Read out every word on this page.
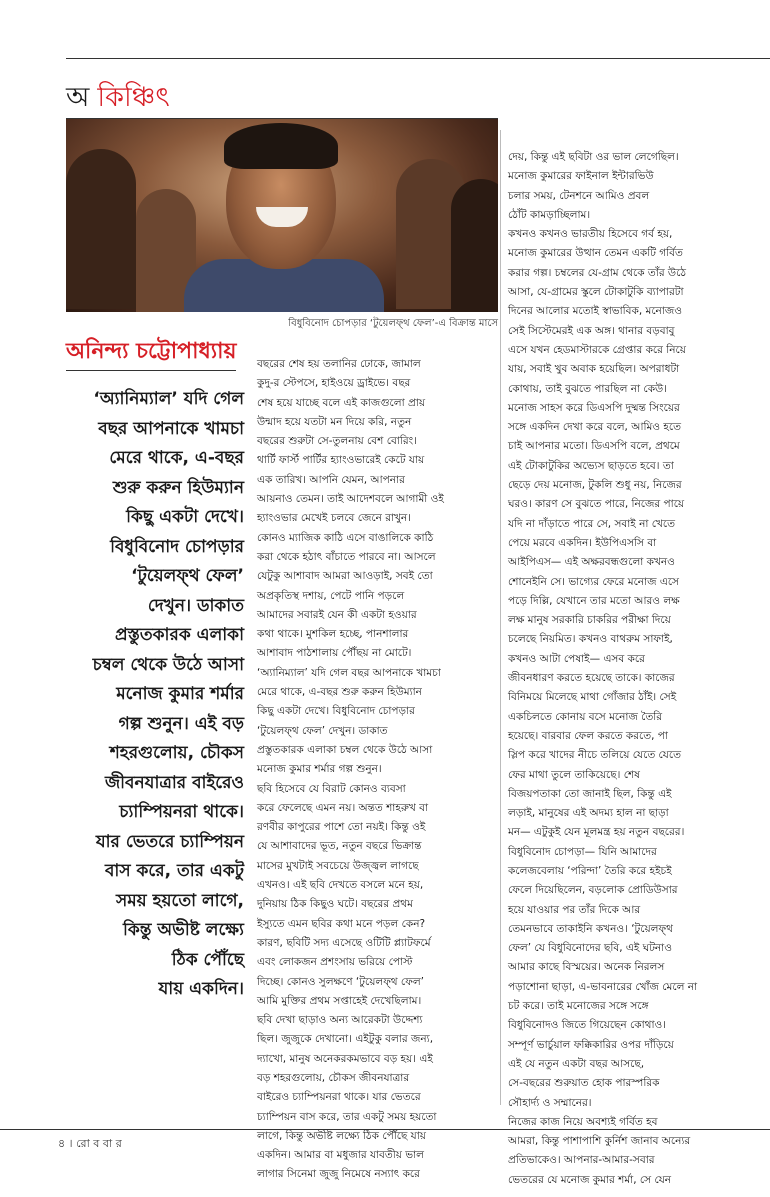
অ কিঞ্চিৎ
বিধুবিনোদ চোপড়ার ‘টুয়েলফ্থ ফেল’-এ বিক্রান্ত মাসে
অনিন্দ্য চট্টোপাধ্যায়
‘অ্যানিম্যাল’ যদি গেল
বছর আপনাকে খামচা
মেরে থাকে, এ-বছর
শুরু করুন হিউম্যান
কিছু একটা দেখে।
বিধুবিনোদ চোপড়ার
‘টুয়েলফ্থ ফেল’
দেখুন। ডাকাত
প্রস্তুতকারক এলাকা
চম্বল থেকে উঠে আসা
মনোজ কুমার শর্মার
গল্প শুনুন। এই বড়
শহরগুলোয়, চৌকস
জীবনযাত্রার বাইরেও
চ্যাম্পিয়নরা থাকে।
যার ভেতরে চ্যাম্পিয়ন
বাস করে, তার একটু
সময় হয়তো লাগে,
কিন্তু অভীষ্ট লক্ষ্যে
ঠিক পৌঁছে
যায় একদিন।
বছরের শেষ হয় তলানির ঢোকে, জামাল
কুদু-র স্টেপসে, হাইওয়ে ড্রাইভে। বছর
শেষ হয়ে যাচ্ছে বলে এই কাজগুলো প্রায়
উন্মাদ হয়ে যতটা মন দিয়ে করি, নতুন
বছরের শুরুটা সে-তুলনায় বেশ বোরিং।
থার্টি ফার্স্ট পার্টির হ্যাংওভারেই কেটে যায়
এক তারিখ। আপনি যেমন, আপনার
আয়নাও তেমন। তাই আদেশবলে আগামী ওই
হ্যাংওভার মেখেই চলবে জেনে রাখুন।
কোনও ম্যাজিক কাঠি এসে বাঙালিকে কাঠি
করা থেকে হঠাৎ বাঁচাতে পারবে না। আসলে
যেটুকু আশাবাদ আমরা আওড়াই, সবই তো
অপ্রকৃতিস্থ দশায়, পেটে পানি পড়লে
আমাদের সবারই যেন কী একটা হওয়ার
কথা থাকে। মুশকিল হচ্ছে, পানশালার
আশাবাদ পাঠশালায় পৌঁছয় না মোটে।
‘অ্যানিম্যাল’ যদি গেল বছর আপনাকে খামচা
মেরে থাকে, এ-বছর শুরু করুন হিউম্যান
কিছু একটা দেখে। বিধুবিনোদ চোপড়ার
‘টুয়েলফ্থ ফেল’ দেখুন। ডাকাত
প্রস্তুতকারক এলাকা চম্বল থেকে উঠে আসা
মনোজ কুমার শর্মার গল্প শুনুন।
ছবি হিসেবে যে বিরাট কোনও ব্যবসা
করে ফেলেছে এমন নয়। অন্তত শাহরুখ বা
রণবীর কাপুরের পাশে তো নয়ই। কিন্তু ওই
যে আশাবাদের ভূত, নতুন বছরে ভিক্রান্ত
মাসের মুখটাই সবচেয়ে উজ্জ্বল লাগছে
এখনও। এই ছবি দেখতে বসলে মনে হয়,
দুনিয়ায় ঠিক কিছুও ঘটে। বছরের প্রথম
ইস্যুতে এমন ছবির কথা মনে পড়ল কেন?
কারণ, ছবিটি সদ্য এসেছে ওটিটি প্ল্যাটফর্মে
এবং লোকজন প্রশংসায় ভরিয়ে পোস্ট
দিচ্ছে। কোনও সুলক্ষণে ‘টুয়েলফ্থ ফেল’
আমি মুক্তির প্রথম সপ্তাহেই দেখেছিলাম।
ছবি দেখা ছাড়াও অন্য আরেকটা উদ্দেশ্য
ছিল। জুজুকে দেখানো। এইটুকু বলার জন্য,
দ্যাখো, মানুষ অনেকরকমভাবে বড় হয়। এই
বড় শহরগুলোয়, চৌকস জীবনযাত্রার
বাইরেও চ্যাম্পিয়নরা থাকে। যার ভেতরে
চ্যাম্পিয়ন বাস করে, তার একটু সময় হয়তো
লাগে, কিন্তু অভীষ্ট লক্ষ্যে ঠিক পৌঁছে যায়
একদিন। আমার বা মধুজার যাবতীয় ভাল
লাগার সিনেমা জুজু নিমেষে নস্যাৎ করে
দেয়, কিন্তু এই ছবিটা ওর ভাল লেগেছিল।
মনোজ কুমারের ফাইনাল ইন্টারভিউ
চলার সময়, টেনশনে আমিও প্রবল
ঠোঁট কামড়াচ্ছিলাম।
কখনও কখনও ভারতীয় হিসেবে গর্ব হয়,
মনোজ কুমারের উত্থান তেমন একটি গর্বিত
করার গল্প। চম্বলের যে-গ্রাম থেকে তাঁর উঠে
আসা, যে-গ্রামের স্কুলে টোকাটুকি ব্যাপারটা
দিনের আলোর মতোই স্বাভাবিক, মনোজও
সেই সিস্টেমেরই এক অঙ্গ। থানার বড়বাবু
এসে যখন হেডমাস্টারকে গ্রেপ্তার করে নিয়ে
যায়, সবাই খুব অবাক হয়েছিল। অপরাধটা
কোথায়, তাই বুঝতে পারছিল না কেউ।
মনোজ সাহস করে ডিএসপি দুষ্মন্ত সিংয়ের
সঙ্গে একদিন দেখা করে বলে, আমিও হতে
চাই আপনার মতো। ডিএসপি বলে, প্রথমে
এই টোকাটুকির অভ্যেস ছাড়তে হবে। তা
ছেড়ে দেয় মনোজ, টুকলি শুধু নয়, নিজের
ঘরও। কারণ সে বুঝতে পারে, নিজের পায়ে
যদি না দাঁড়াতে পারে সে, সবাই না খেতে
পেয়ে মরবে একদিন। ইউপিএসসি বা
আইপিএস— এই অক্ষরবন্ধগুলো কখনও
শোনেইনি সে। ভাগ্যের ফেরে মনোজ এসে
পড়ে দিল্লি, যেখানে তার মতো আরও লক্ষ
লক্ষ মানুষ সরকারি চাকরির পরীক্ষা দিয়ে
চলেছে নিয়মিত। কখনও বাথরুম সাফাই,
কখনও আটা পেষাই— এসব করে
জীবনধারণ করতে হয়েছে তাকে। কাজের
বিনিময়ে মিলেছে মাথা গোঁজার ঠাঁই। সেই
একচিলতে কোনায় বসে মনোজ তৈরি
হয়েছে। বারবার ফেল করতে করতে, পা
স্লিপ করে খাদের নীচে তলিয়ে যেতে যেতে
ফের মাথা তুলে তাকিয়েছে। শেষ
বিজয়পতাকা তো জানাই ছিল, কিন্তু এই
লড়াই, মানুষের এই অদম্য হাল না ছাড়া
মন— এটুকুই যেন মূলমন্ত্র হয় নতুন বছরের।
বিধুবিনোদ চোপড়া— যিনি আমাদের
কলেজবেলায় ‘পরিন্দা’ তৈরি করে হইচই
ফেলে দিয়েছিলেন, বড়লোক প্রোডিউসার
হয়ে যাওয়ার পর তাঁর দিকে আর
তেমনভাবে তাকাইনি কখনও। ‘টুয়েলফ্থ
ফেল’ যে বিধুবিনোদের ছবি, এই ঘটনাও
আমার কাছে বিস্ময়ের। অনেক নিরলস
পড়াশোনা ছাড়া, এ-ভাবনারের খোঁজ মেলে না
চট করে। তাই মনোজের সঙ্গে সঙ্গে
বিধুবিনোদও জিতে গিয়েছেন কোথাও।
সম্পূর্ণ ভার্চুয়াল ফক্কিকারির ওপর দাঁড়িয়ে
এই যে নতুন একটা বছর আসছে,
সে-বছরের শুরুয়াত হোক পারস্পরিক
সৌহার্দ্য ও সম্মানের।
নিজের কাজ নিয়ে অবশ্যই গর্বিত হব
আমরা, কিন্তু পাশাপাশি কুর্নিশ জানাব অন্যের
প্রতিভাকেও। আপনার-আমার-সবার
ভেতরের যে মনোজ কুমার শর্মা, সে যেন
৪ । রো ব বা র
